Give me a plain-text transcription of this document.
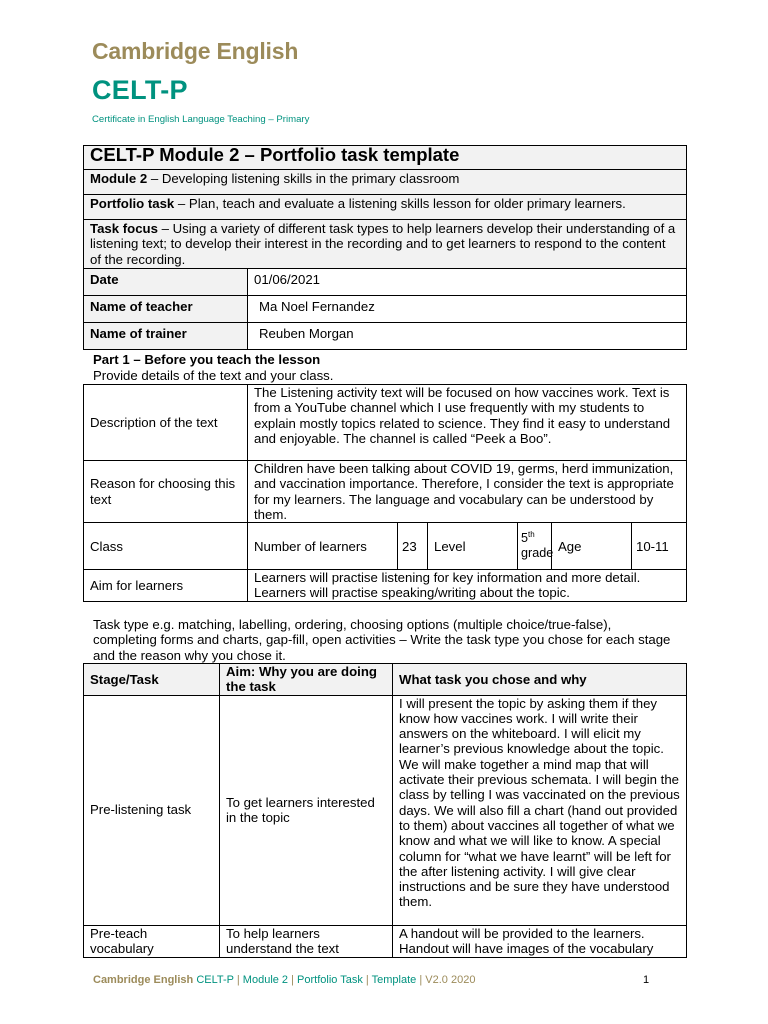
Cambridge English
CELT-P
Certificate in English Language Teaching – Primary
CELT-P Module 2 – Portfolio task template	
Module 2 – Developing listening skills in the primary classroom	
Portfolio task – Plan, teach and evaluate a listening skills lesson for older primary learners.	
Task focus – Using a variety of different task types to help learners develop their understanding of a listening text; to develop their interest in the recording and to get learners to respond to the content of the recording.	
Date	01/06/2021
Name of teacher	Ma Noel Fernandez
Name of trainer	Reuben Morgan
Part 1 – Before you teach the lesson
Provide details of the text and your class.
Description of the text	The Listening activity text will be focused on how vaccines work. Text is from a YouTube channel which I use frequently with my students to explain mostly topics related to science. They find it easy to understand and enjoyable. The channel is called “Peek a Boo”.					
Reason for choosing this text	Children have been talking about COVID 19, germs, herd immunization, and vaccination importance. Therefore, I consider the text is appropriate for my learners. The language and vocabulary can be understood by them.					
Class	Number of learners	23	Level	5th grade	Age	10-11
Aim for learners	Learners will practise listening for key information and more detail. Learners will practise speaking/writing about the topic.					
Task type e.g. matching, labelling, ordering, choosing options (multiple choice/true-false), completing forms and charts, gap-fill, open activities – Write the task type you chose for each stage and the reason why you chose it.
Stage/Task	Aim: Why you are doing the task	What task you chose and why
Pre-listening task	To get learners interested in the topic	I will present the topic by asking them if they know how vaccines work. I will write their answers on the whiteboard. I will elicit my learner’s previous knowledge about the topic. We will make together a mind map that will activate their previous schemata. I will begin the class by telling I was vaccinated on the previous days. We will also fill a chart (hand out provided to them) about vaccines all together of what we know and what we will like to know. A special column for “what we have learnt” will be left for the after listening activity. I will give clear instructions and be sure they have understood them.
Pre-teach vocabulary	To help learners understand the text	A handout will be provided to the learners. Handout will have images of the vocabulary
Cambridge English CELT-P | Module 2 | Portfolio Task | Template | V2.0 2020	1
